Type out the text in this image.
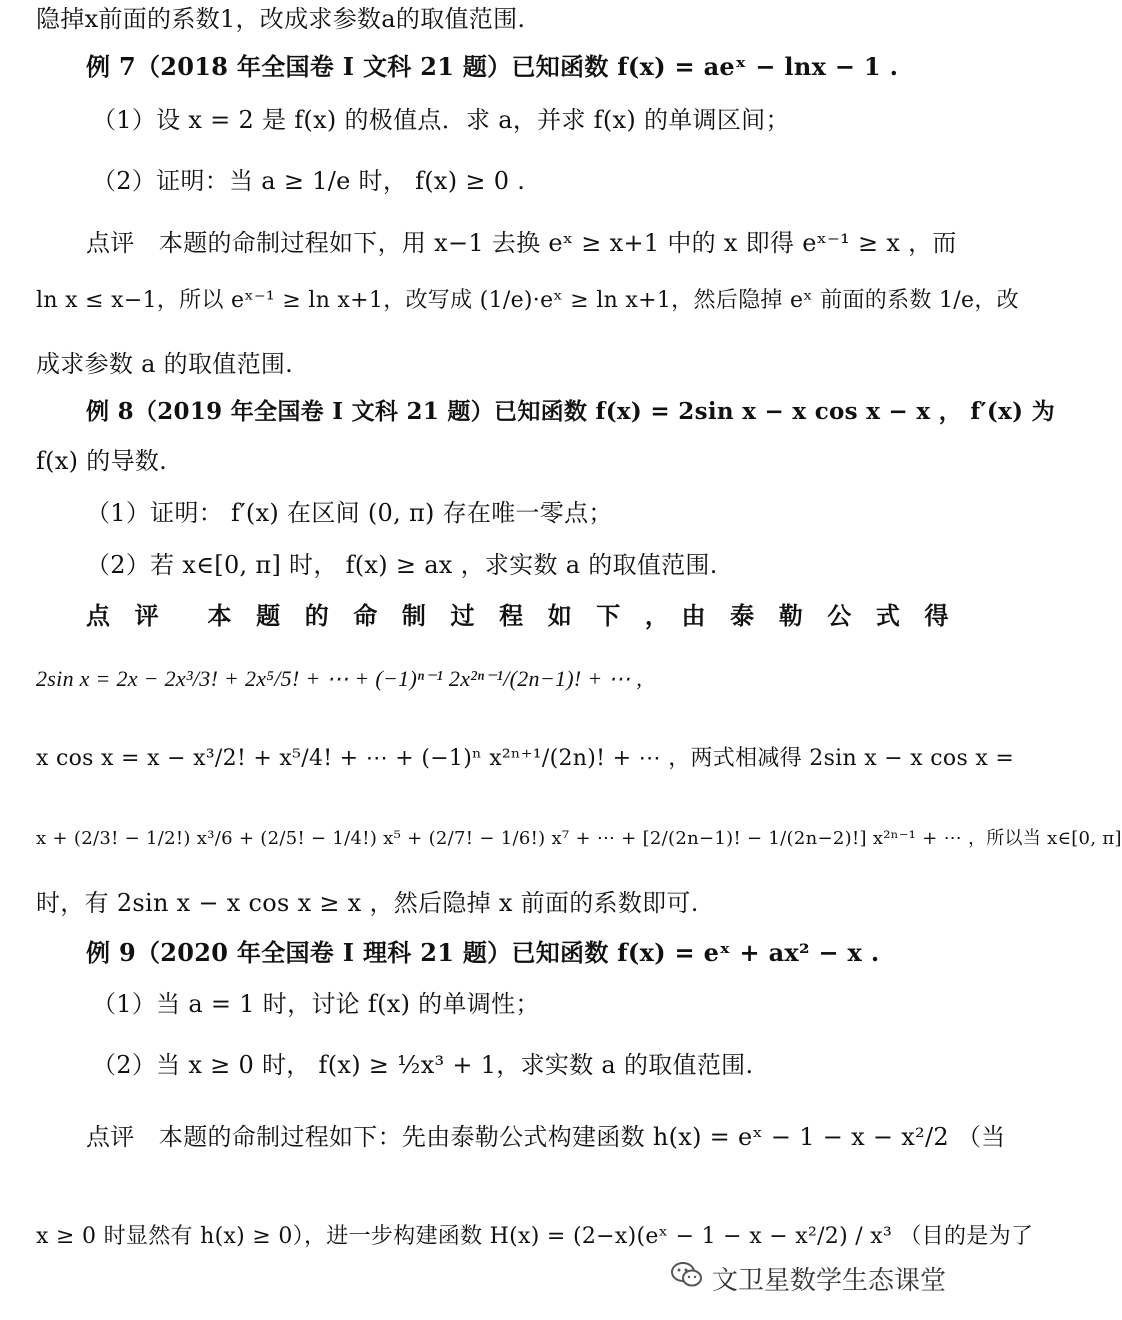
隐掉x前面的系数1，改成求参数a的取值范围.
例 7（2018 年全国卷 I 文科 21 题）已知函数 f(x) = aeˣ − lnx − 1 .
（1）设 x = 2 是 f(x) 的极值点．求 a，并求 f(x) 的单调区间；
（2）证明：当 a ≥ 1/e 时， f(x) ≥ 0 .
点评　本题的命制过程如下，用 x−1 去换 eˣ ≥ x+1 中的 x 即得 eˣ⁻¹ ≥ x ，而
ln x ≤ x−1，所以 eˣ⁻¹ ≥ ln x+1，改写成 (1/e)·eˣ ≥ ln x+1，然后隐掉 eˣ 前面的系数 1/e，改
成求参数 a 的取值范围.
例 8（2019 年全国卷 I 文科 21 题）已知函数 f(x) = 2sin x − x cos x − x ， f′(x) 为
f(x) 的导数.
（1）证明： f′(x) 在区间 (0, π) 存在唯一零点；
（2）若 x∈[0, π] 时， f(x) ≥ ax ，求实数 a 的取值范围.
点　评　　本　题　的　命　制　过　程　如　下　，　由　泰　勒　公　式　得
2sin x = 2x − 2x³/3! + 2x⁵/5! + ⋯ + (−1)ⁿ⁻¹ 2x²ⁿ⁻¹/(2n−1)! + ⋯ ,
x cos x = x − x³/2! + x⁵/4! + ⋯ + (−1)ⁿ x²ⁿ⁺¹/(2n)! + ⋯ ，两式相减得 2sin x − x cos x =
x + (2/3! − 1/2!) x³/6 + (2/5! − 1/4!) x⁵ + (2/7! − 1/6!) x⁷ + ⋯ + [2/(2n−1)! − 1/(2n−2)!] x²ⁿ⁻¹ + ⋯ ，所以当 x∈[0, π]
时，有 2sin x − x cos x ≥ x ，然后隐掉 x 前面的系数即可.
例 9（2020 年全国卷 I 理科 21 题）已知函数 f(x) = eˣ + ax² − x .
（1）当 a = 1 时，讨论 f(x) 的单调性；
（2）当 x ≥ 0 时， f(x) ≥ ½x³ + 1，求实数 a 的取值范围.
点评　本题的命制过程如下：先由泰勒公式构建函数 h(x) = eˣ − 1 − x − x²/2 （当
x ≥ 0 时显然有 h(x) ≥ 0），进一步构建函数 H(x) = (2−x)(eˣ − 1 − x − x²/2) / x³ （目的是为了
文卫星数学生态课堂
